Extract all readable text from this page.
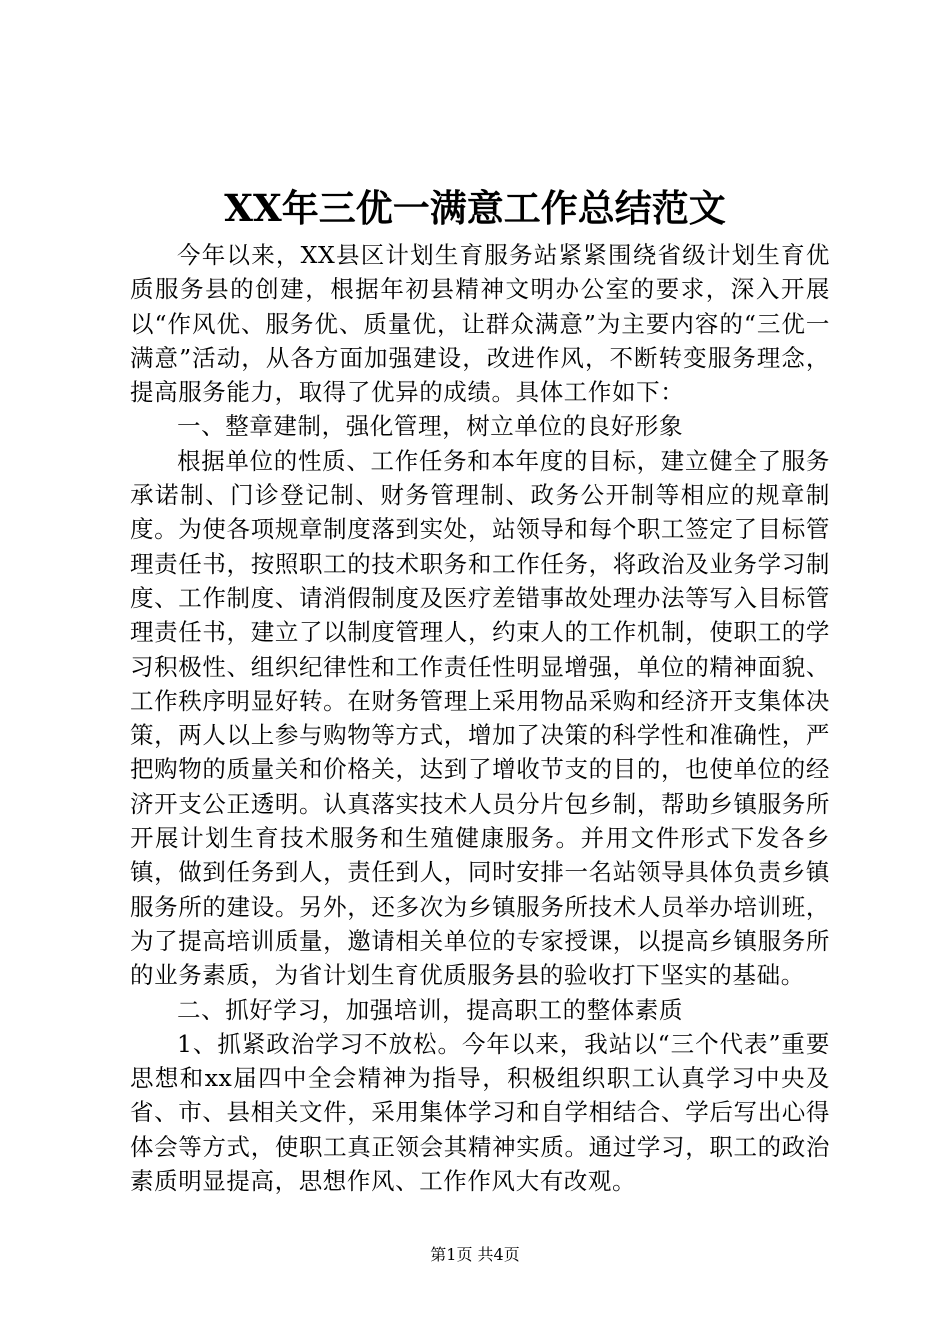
XX年三优一满意工作总结范文

今年以来，XX县区计划生育服务站紧紧围绕省级计划生育优质服务县的创建，根据年初县精神文明办公室的要求，深入开展以“作风优、服务优、质量优，让群众满意”为主要内容的“三优一满意”活动，从各方面加强建设，改进作风，不断转变服务理念，提高服务能力，取得了优异的成绩。具体工作如下：

一、整章建制，强化管理，树立单位的良好形象

根据单位的性质、工作任务和本年度的目标，建立健全了服务承诺制、门诊登记制、财务管理制、政务公开制等相应的规章制度。为使各项规章制度落到实处，站领导和每个职工签定了目标管理责任书，按照职工的技术职务和工作任务，将政治及业务学习制度、工作制度、请消假制度及医疗差错事故处理办法等写入目标管理责任书，建立了以制度管理人，约束人的工作机制，使职工的学习积极性、组织纪律性和工作责任性明显增强，单位的精神面貌、工作秩序明显好转。在财务管理上采用物品采购和经济开支集体决策，两人以上参与购物等方式，增加了决策的科学性和准确性，严把购物的质量关和价格关，达到了增收节支的目的，也使单位的经济开支公正透明。认真落实技术人员分片包乡制，帮助乡镇服务所开展计划生育技术服务和生殖健康服务。并用文件形式下发各乡镇，做到任务到人，责任到人，同时安排一名站领导具体负责乡镇服务所的建设。另外，还多次为乡镇服务所技术人员举办培训班，为了提高培训质量，邀请相关单位的专家授课，以提高乡镇服务所的业务素质，为省计划生育优质服务县的验收打下坚实的基础。

二、抓好学习，加强培训，提高职工的整体素质

1、抓紧政治学习不放松。今年以来，我站以“三个代表”重要思想和xx届四中全会精神为指导，积极组织职工认真学习中央及省、市、县相关文件，采用集体学习和自学相结合、学后写出心得体会等方式，使职工真正领会其精神实质。通过学习，职工的政治素质明显提高，思想作风、工作作风大有改观。

第1页 共4页
